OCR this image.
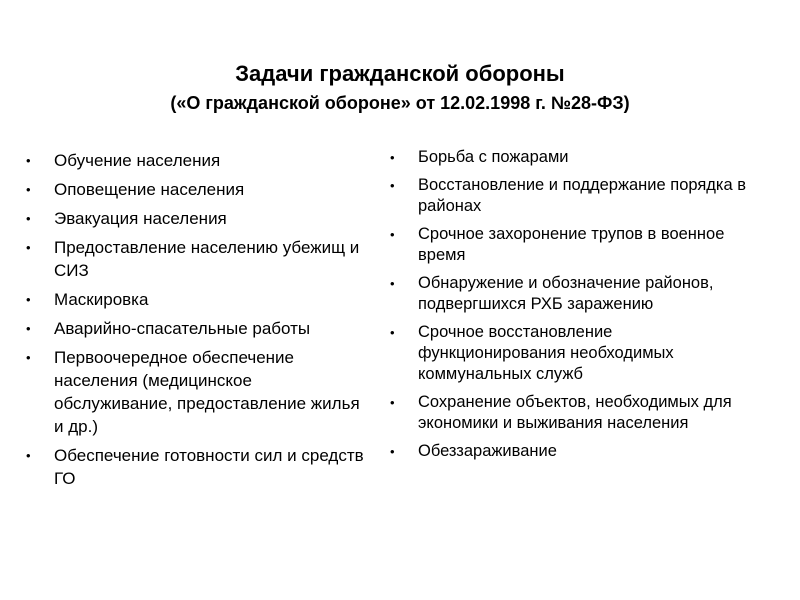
Задачи гражданской обороны
(«О гражданской обороне» от 12.02.1998 г. №28-ФЗ)
•	Обучение населения
•	Оповещение населения
•	Эвакуация населения
•	Предоставление населению убежищ и СИЗ
•	Маскировка
•	Аварийно-спасательные работы
•	Первоочередное обеспечение населения (медицинское обслуживание, предоставление жилья и др.)
•	Обеспечение готовности сил и средств ГО
•	Борьба с пожарами
•	Восстановление и поддержание порядка в районах
•	Срочное захоронение трупов в военное время
•	Обнаружение и обозначение районов, подвергшихся РХБ заражению
•	Срочное восстановление функционирования необходимых коммунальных служб
•	Сохранение объектов, необходимых для экономики и выживания населения
•	Обеззараживание
